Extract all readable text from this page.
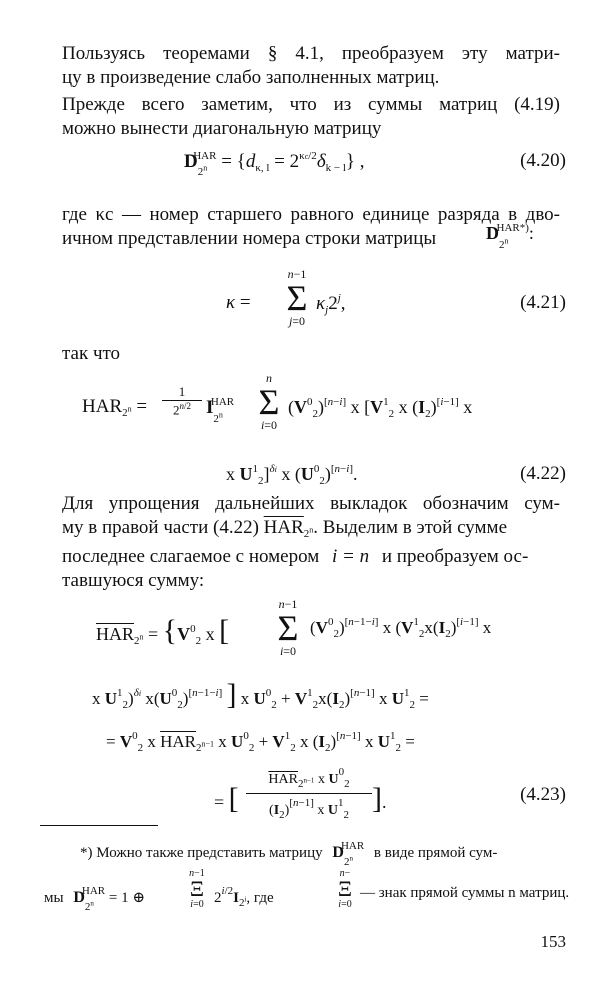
Пользуясь теоремами § 4.1, преобразуем эту матри-
цу в произведение слабо заполненных матриц.
Прежде всего заметим, что из суммы матриц (4.19)
можно вынести диагональную матрицу
$D_{2^n}^{HAR} = \{d_{\kappa, l} = 2^{\kappa c/2}\delta_{k - l}\}$ ,	(4.20)
где κc — номер старшего равного единице разряда в дво-
ичном представлении номера строки матрицы	$D_{2^n}^{HAR*)}$:
κ =
n−1
Σ
j=0
$\kappa_j2^j$,	(4.21)
так что
$HAR_{2^n} = \frac{1}{2^{n/2}} I_{2^n}^{HAR}$
n
Σ
i=0
$(V^0_2)[n-i]$ x [$V^1_2$ x $(I_2)[i-1]$ x
x $U^1_2]^{\delta i}$ x $(U^0_2)[n-i]$.	(4.22)
Для упрощения дальнейших выкладок обозначим сум-
му в правой части (4.22) $\overline{HAR}_{2^n}$. Выделим в этой сумме
последнее слагаемое с номером i = n и преобразуем ос-
тавшуюся сумму:
$\overline{HAR}_{2^n} = \{V^0_2$ x [
n−1
Σ
i=0
$(V^0_2)[n-1-i]$ x ($V^1_2x(I_2)[i-1]$ x
x $U^1_2)^{\delta i}$ $x(U^0_2)[n-1-i]$ ] x $U^0_2 + V^1_2x(I_2)[n-1]$ x $U^1_2$ =
= $V^0_2$ x $\overline{HAR}_{2^{n-1}}$ x $U^0_2 + V^1_2$ x $(I_2)[n-1]$ x $U^1_2$ =
= [
$\overline{HAR}_{2^{n-1}}$ x $U^0_2$
$(I_2)[n-1]$ x $U^1_2$ ].	(4.23)
*) Можно также представить матрицу $D_{2^n}^{HAR}$ в виде прямой сум-
мы $D_{2^n}^{HAR} = 1$ ⊕
n−1
Ξ
i=0 $2^{i/2}I_{2^i}$, где
n−
Ξ
i=0
— знак прямой суммы n матриц.
153
